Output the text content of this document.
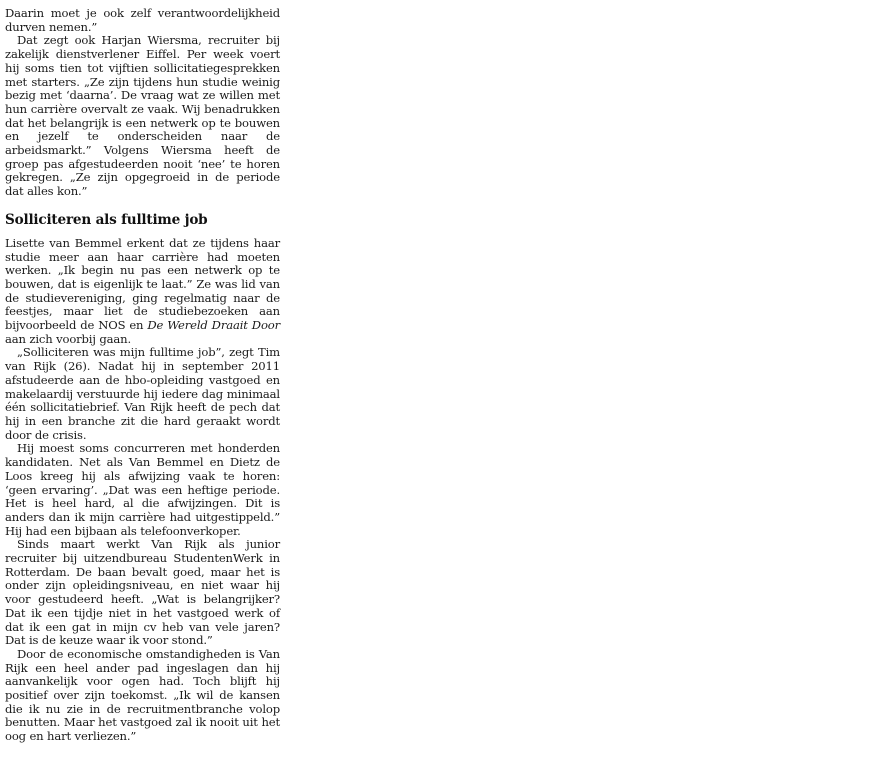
Daarin moet je ook zelf verantwoordelijkheid durven nemen.”

Dat zegt ook Harjan Wiersma, recruiter bij zakelijk dienstverlener Eiffel. Per week voert hij soms tien tot vijftien sollicitatiegesprekken met starters. „Ze zijn tijdens hun studie weinig bezig met ‘daarna’. De vraag wat ze willen met hun carrière overvalt ze vaak. Wij benadrukken dat het belangrijk is een netwerk op te bouwen en jezelf te onderscheiden naar de arbeidsmarkt.” Volgens Wiersma heeft de groep pas afgestudeerden nooit ‘nee’ te horen gekregen. „Ze zijn opgegroeid in de periode dat alles kon.”

Solliciteren als fulltime job

Lisette van Bemmel erkent dat ze tijdens haar studie meer aan haar carrière had moeten werken. „Ik begin nu pas een netwerk op te bouwen, dat is eigenlijk te laat.” Ze was lid van de studievereniging, ging regelmatig naar de feestjes, maar liet de studiebezoeken aan bijvoorbeeld de NOS en De Wereld Draait Door aan zich voorbij gaan.

„Solliciteren was mijn fulltime job”, zegt Tim van Rijk (26). Nadat hij in september 2011 afstudeerde aan de hbo-opleiding vastgoed en makelaardij verstuurde hij iedere dag minimaal één sollicitatiebrief. Van Rijk heeft de pech dat hij in een branche zit die hard geraakt wordt door de crisis.

Hij moest soms concurreren met honderden kandidaten. Net als Van Bemmel en Dietz de Loos kreeg hij als afwijzing vaak te horen: ‘geen ervaring’. „Dat was een heftige periode. Het is heel hard, al die afwijzingen. Dit is anders dan ik mijn carrière had uitgestippeld.” Hij had een bijbaan als telefoonverkoper.

Sinds maart werkt Van Rijk als junior recruiter bij uitzendbureau StudentenWerk in Rotterdam. De baan bevalt goed, maar het is onder zijn opleidingsniveau, en niet waar hij voor gestudeerd heeft. „Wat is belangrijker? Dat ik een tijdje niet in het vastgoed werk of dat ik een gat in mijn cv heb van vele jaren? Dat is de keuze waar ik voor stond.”

Door de economische omstandigheden is Van Rijk een heel ander pad ingeslagen dan hij aanvankelijk voor ogen had. Toch blijft hij positief over zijn toekomst. „Ik wil de kansen die ik nu zie in de recruitmentbranche volop benutten. Maar het vastgoed zal ik nooit uit het oog en hart verliezen.”
